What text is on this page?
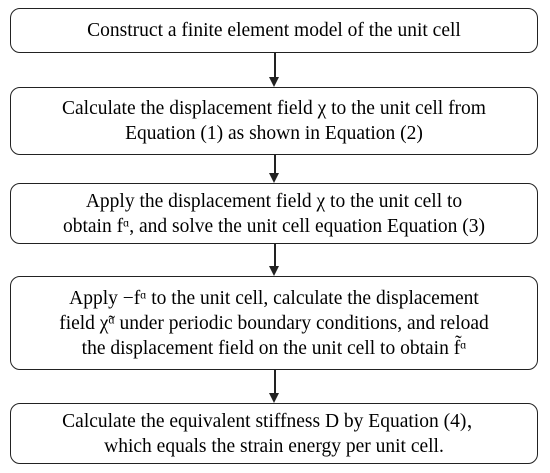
Construct a finite element model of the unit cell
Calculate the displacement field χ to the unit cell from
Equation (1) as shown in Equation (2)
Apply the displacement field χ to the unit cell to
obtain fᵅ, and solve the unit cell equation Equation (3)
Apply −fᵅ to the unit cell, calculate the displacement
field χ̃ᵅ under periodic boundary conditions, and reload
the displacement field on the unit cell to obtain f̃ᵅ
Calculate the equivalent stiffness D by Equation (4)，
which equals the strain energy per unit cell.
